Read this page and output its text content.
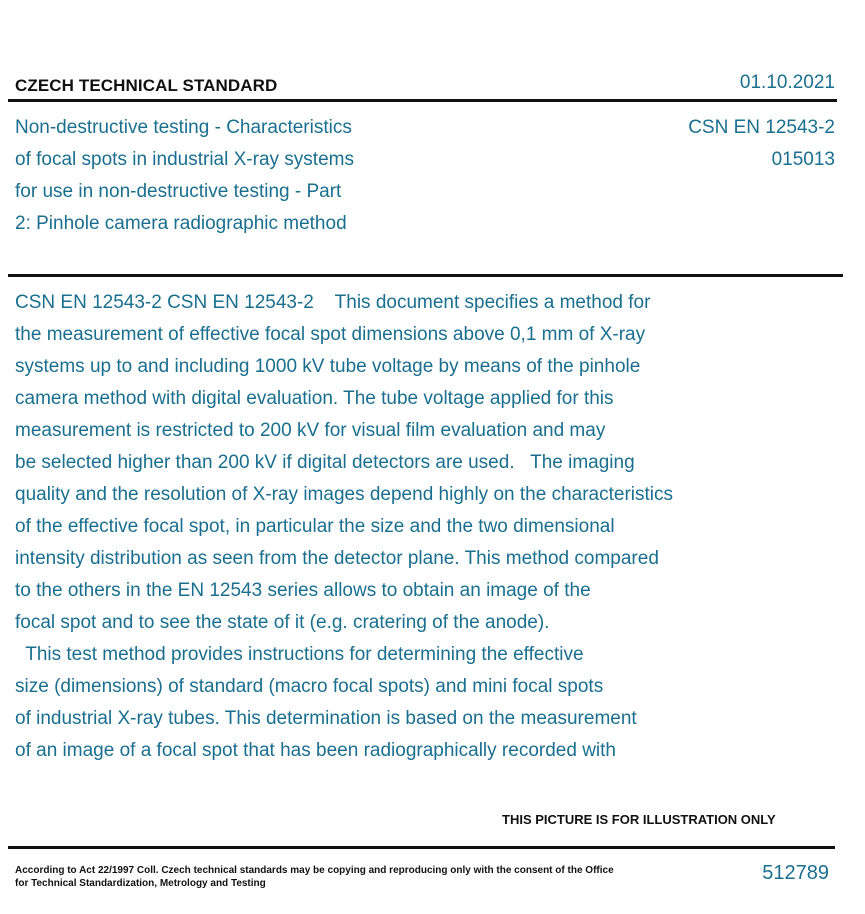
CZECH TECHNICAL STANDARD	01.10.2021
Non-destructive testing - Characteristics
of focal spots in industrial X-ray systems
for use in non-destructive testing - Part
2: Pinhole camera radiographic method
CSN EN 12543-2
015013
CSN EN 12543-2 CSN EN 12543-2    This document specifies a method for
the measurement of effective focal spot dimensions above 0,1 mm of X-ray
systems up to and including 1000 kV tube voltage by means of the pinhole
camera method with digital evaluation. The tube voltage applied for this
measurement is restricted to 200 kV for visual film evaluation and may
be selected higher than 200 kV if digital detectors are used.   The imaging
quality and the resolution of X-ray images depend highly on the characteristics
of the effective focal spot, in particular the size and the two dimensional
intensity distribution as seen from the detector plane. This method compared
to the others in the EN 12543 series allows to obtain an image of the
focal spot and to see the state of it (e.g. cratering of the anode).
This test method provides instructions for determining the effective
size (dimensions) of standard (macro focal spots) and mini focal spots
of industrial X-ray tubes. This determination is based on the measurement
of an image of a focal spot that has been radiographically recorded with
THIS PICTURE IS FOR ILLUSTRATION ONLY
According to Act 22/1997 Coll. Czech technical standards may be copying and reproducing only with the consent of the Office
for Technical Standardization, Metrology and Testing	512789
